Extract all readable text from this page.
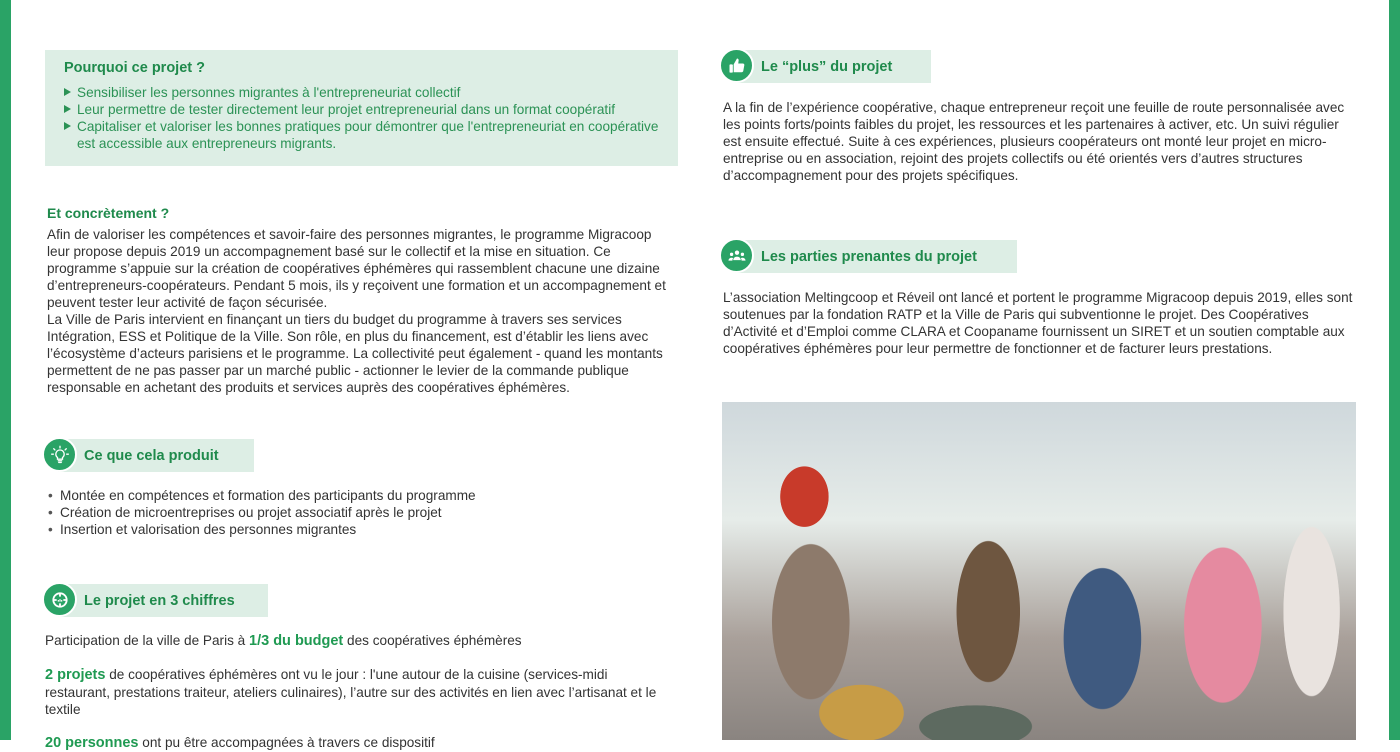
Pourquoi ce projet ?
Sensibiliser les personnes migrantes à l'entrepreneuriat collectif
Leur permettre de tester directement leur projet entrepreneurial dans un format coopératif
Capitaliser et valoriser les bonnes pratiques pour démontrer que l'entrepreneuriat en coopérative est accessible aux entrepreneurs migrants.
Et concrètement ?
Afin de valoriser les compétences et savoir-faire des personnes migrantes, le programme Migracoop leur propose depuis 2019 un accompagnement basé sur le collectif et la mise en situation. Ce programme s’appuie sur la création de coopératives éphémères qui rassemblent chacune une dizaine d’entrepreneurs-coopérateurs. Pendant 5 mois, ils y reçoivent une formation et un accompagnement et peuvent tester leur activité de façon sécurisée.
La Ville de Paris intervient en finançant un tiers du budget du programme à travers ses services Intégration, ESS et Politique de la Ville. Son rôle, en plus du financement, est d’établir les liens avec l’écosystème d’acteurs parisiens et le programme. La collectivité peut également - quand les montants permettent de ne pas passer par un marché public - actionner le levier de la commande publique responsable en achetant des produits et services auprès des coopératives éphémères.
Ce que cela produit
• Montée en compétences et formation des participants du programme
• Création de microentreprises ou projet associatif après le projet
• Insertion et valorisation des personnes migrantes
Le projet en 3 chiffres
Participation de la ville de Paris à 1/3 du budget des coopératives éphémères
2 projets de coopératives éphémères ont vu le jour : l'une autour de la cuisine (services-midi restaurant, prestations traiteur, ateliers culinaires), l’autre sur des activités en lien avec l’artisanat et le textile
20 personnes ont pu être accompagnées à travers ce dispositif
Le “plus” du projet
A la fin de l’expérience coopérative, chaque entrepreneur reçoit une feuille de route personnalisée avec les points forts/points faibles du projet, les ressources et les partenaires à activer, etc. Un suivi régulier est ensuite effectué. Suite à ces expériences, plusieurs coopérateurs ont monté leur projet en micro-entreprise ou en association, rejoint des projets collectifs ou été orientés vers d’autres structures d’accompagnement pour des projets spécifiques.
Les parties prenantes du projet
L’association Meltingcoop et Réveil ont lancé et portent le programme Migracoop depuis 2019, elles sont soutenues par la fondation RATP et la Ville de Paris qui subventionne le projet. Des Coopératives d’Activité et d’Emploi comme CLARA et Coopaname fournissent un SIRET et un soutien comptable aux coopératives éphémères pour leur permettre de fonctionner et de facturer leurs prestations.
